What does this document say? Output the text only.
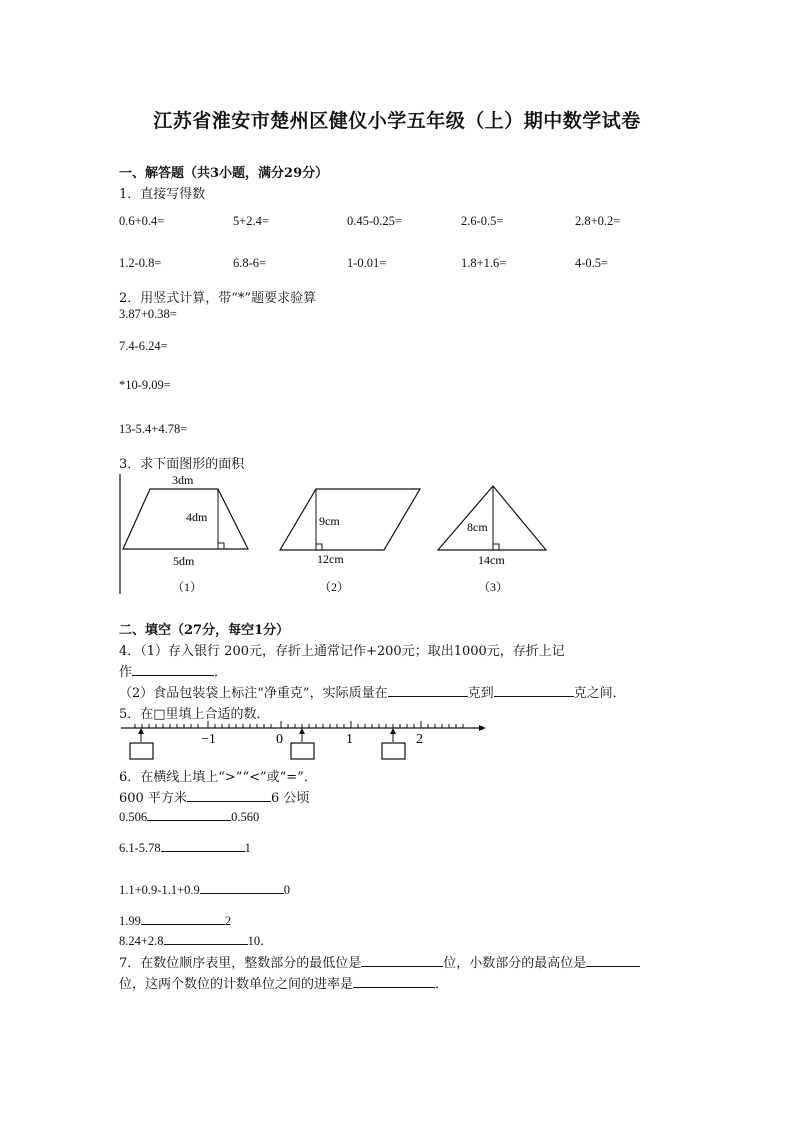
江苏省淮安市楚州区健仪小学五年级（上）期中数学试卷
一、解答题（共3小题，满分29分）
1．直接写得数
0.6+0.4=	5+2.4=	0.45-0.25=	2.6-0.5=	2.8+0.2=
1.2-0.8=	6.8-6=	1-0.01=	1.8+1.6=	4-0.5=
2．用竖式计算，带“*”题要求验算
3.87+0.38=
7.4-6.24=
*10-9.09=
13-5.4+4.78=
3．求下面图形的面积
3dm
4dm
5dm
（1）
9cm
12cm
（2）
8cm
14cm
（3）
二、填空（27分，每空1分）
4．（1）存入银行 200元，存折上通常记作+200元；取出1000元，存折上记
作	．
（2）食品包装袋上标注“净重克”，实际质量在	克到	克之间．
5．在□里填上合适的数．
−1	0	1	2
6．在横线上填上“>”“<”或“=”．
600 平方米	6 公顷
0.506	0.560
6.1-5.78	1
1.1+0.9-1.1+0.9	0
1.99	2
8.24+2.8	10．
7．在数位顺序表里，整数部分的最低位是	位，小数部分的最高位是
位，这两个数位的计数单位之间的进率是	．
